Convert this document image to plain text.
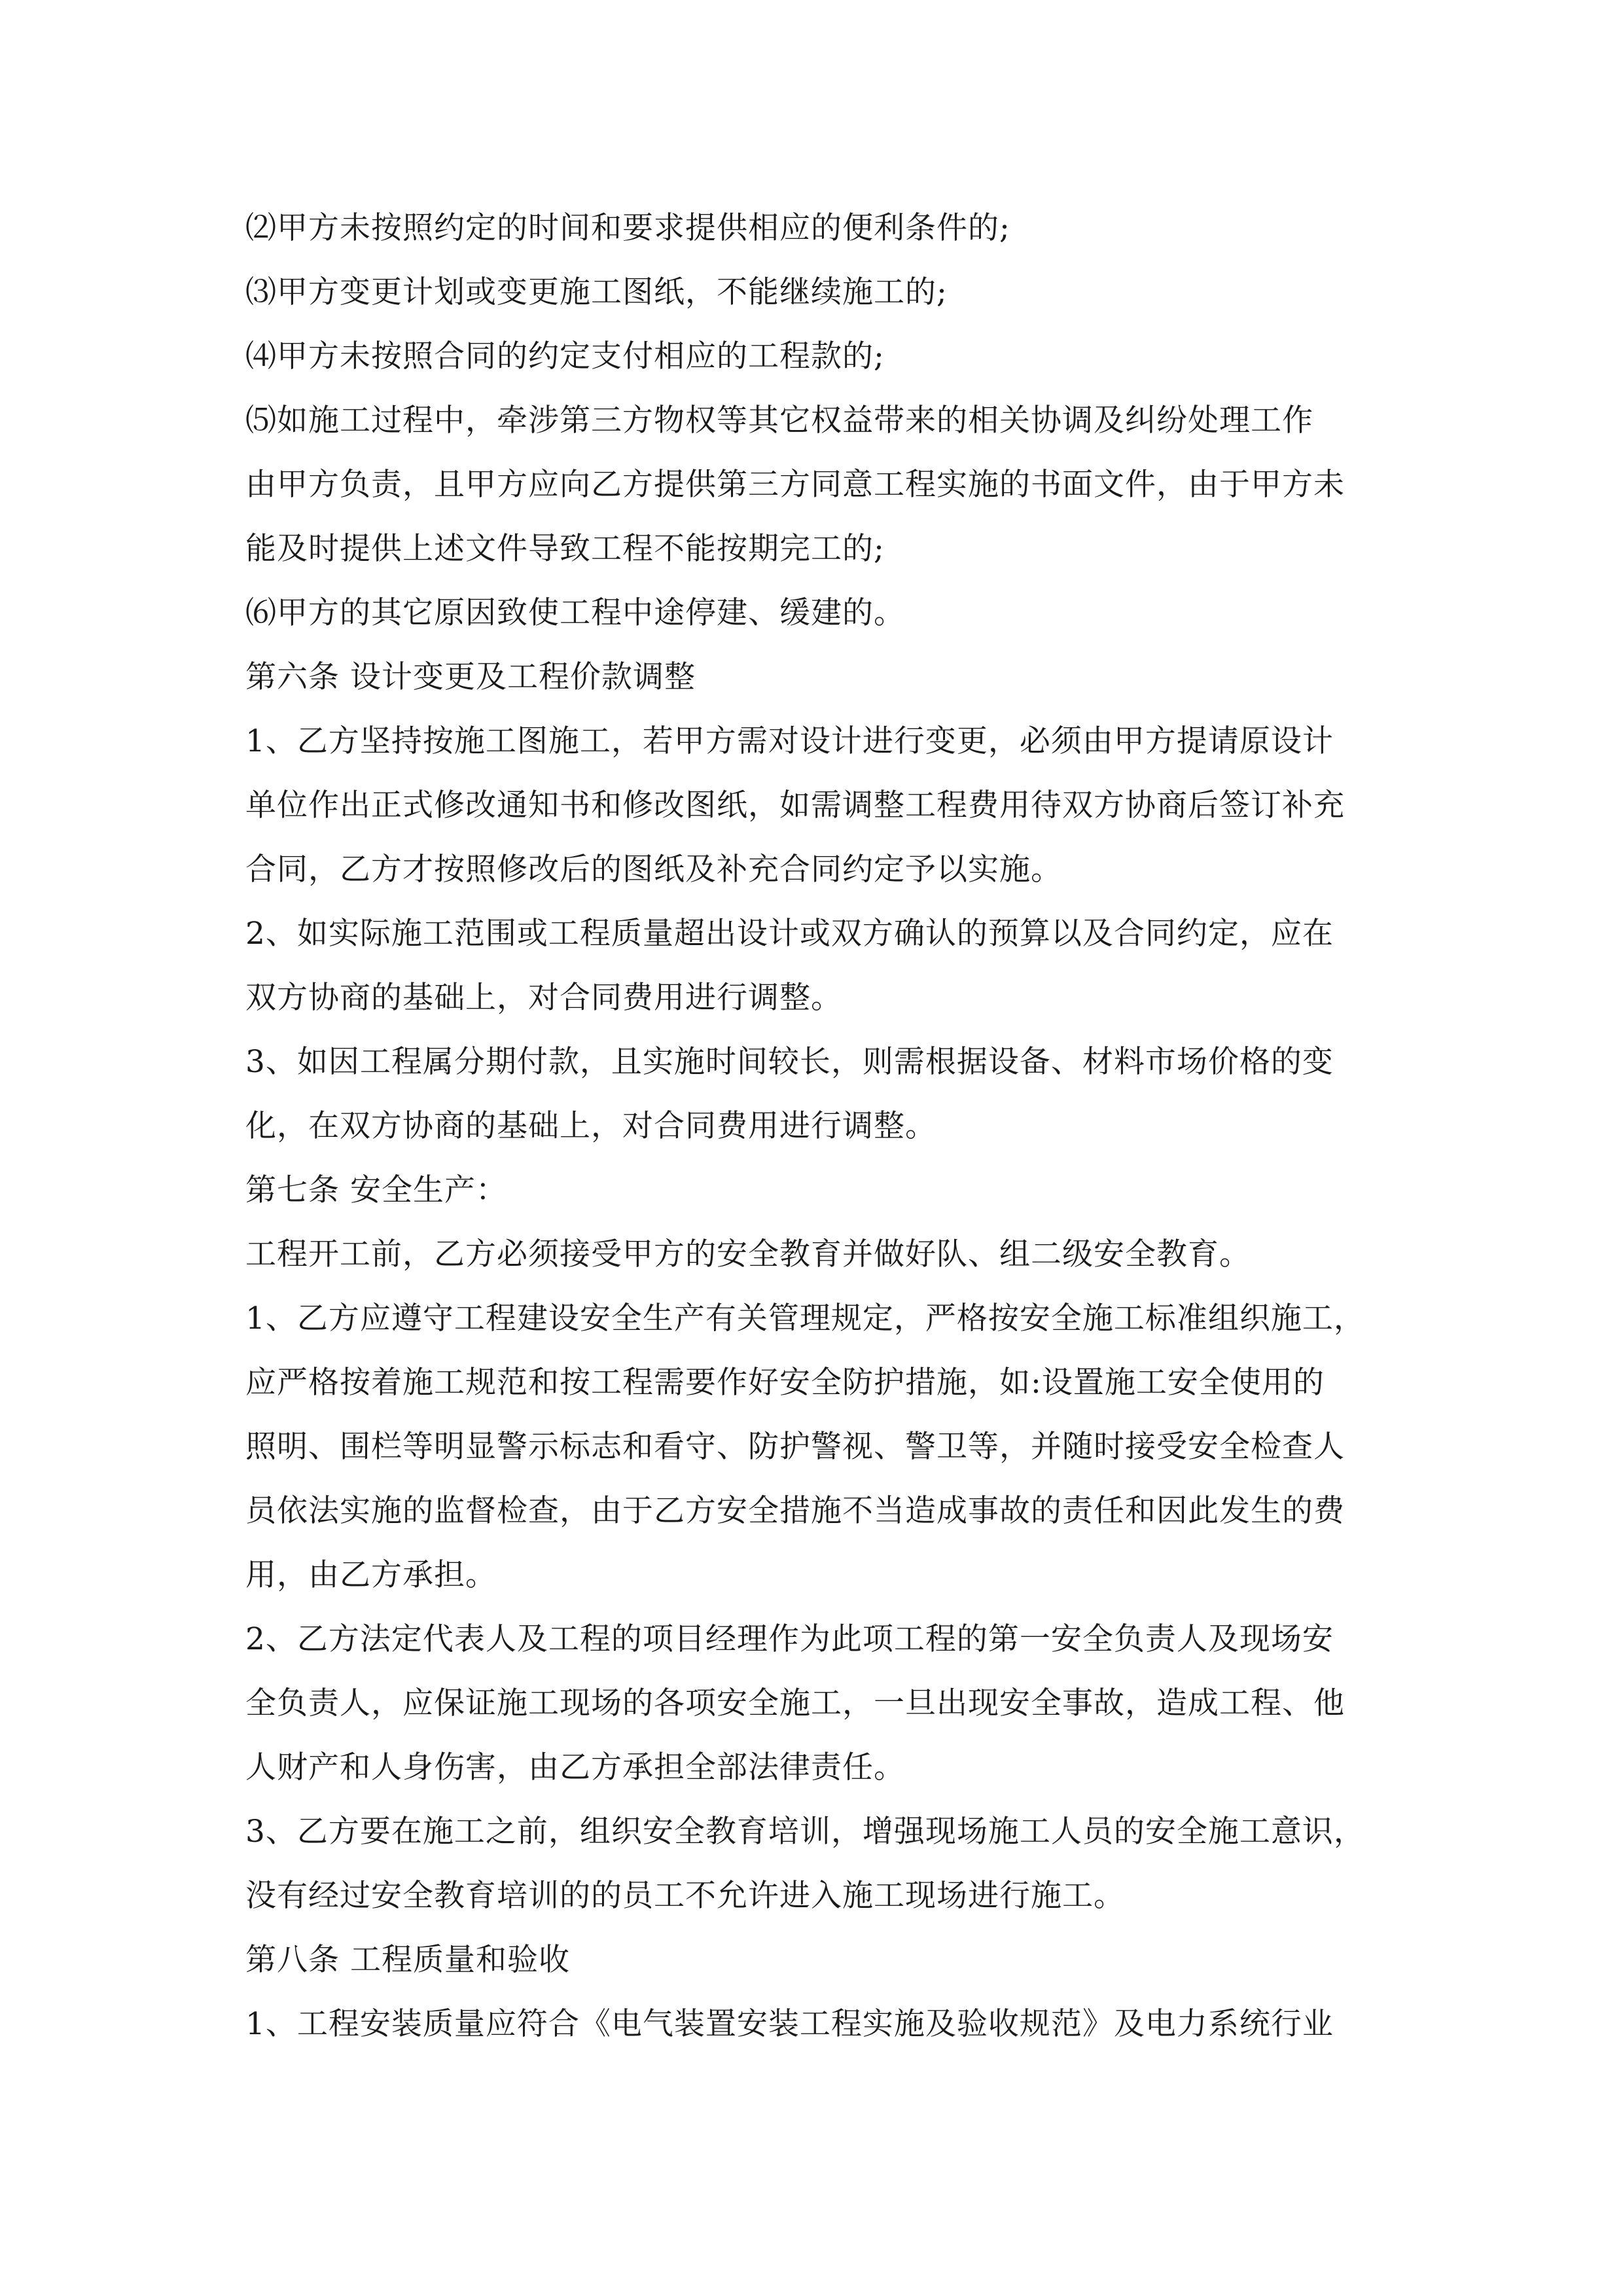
⑵甲方未按照约定的时间和要求提供相应的便利条件的;
⑶甲方变更计划或变更施工图纸，不能继续施工的;
⑷甲方未按照合同的约定支付相应的工程款的;
⑸如施工过程中，牵涉第三方物权等其它权益带来的相关协调及纠纷处理工作
由甲方负责，且甲方应向乙方提供第三方同意工程实施的书面文件，由于甲方未
能及时提供上述文件导致工程不能按期完工的;
⑹甲方的其它原因致使工程中途停建、缓建的。
第六条 设计变更及工程价款调整
1、乙方坚持按施工图施工，若甲方需对设计进行变更，必须由甲方提请原设计
单位作出正式修改通知书和修改图纸，如需调整工程费用待双方协商后签订补充
合同，乙方才按照修改后的图纸及补充合同约定予以实施。
2、如实际施工范围或工程质量超出设计或双方确认的预算以及合同约定，应在
双方协商的基础上，对合同费用进行调整。
3、如因工程属分期付款，且实施时间较长，则需根据设备、材料市场价格的变
化，在双方协商的基础上，对合同费用进行调整。
第七条 安全生产：
工程开工前，乙方必须接受甲方的安全教育并做好队、组二级安全教育。
1、乙方应遵守工程建设安全生产有关管理规定，严格按安全施工标准组织施工，
应严格按着施工规范和按工程需要作好安全防护措施，如:设置施工安全使用的
照明、围栏等明显警示标志和看守、防护警视、警卫等，并随时接受安全检查人
员依法实施的监督检查，由于乙方安全措施不当造成事故的责任和因此发生的费
用，由乙方承担。
2、乙方法定代表人及工程的项目经理作为此项工程的第一安全负责人及现场安
全负责人，应保证施工现场的各项安全施工，一旦出现安全事故，造成工程、他
人财产和人身伤害，由乙方承担全部法律责任。
3、乙方要在施工之前，组织安全教育培训，增强现场施工人员的安全施工意识，
没有经过安全教育培训的的员工不允许进入施工现场进行施工。
第八条 工程质量和验收
1、工程安装质量应符合《电气装置安装工程实施及验收规范》及电力系统行业
